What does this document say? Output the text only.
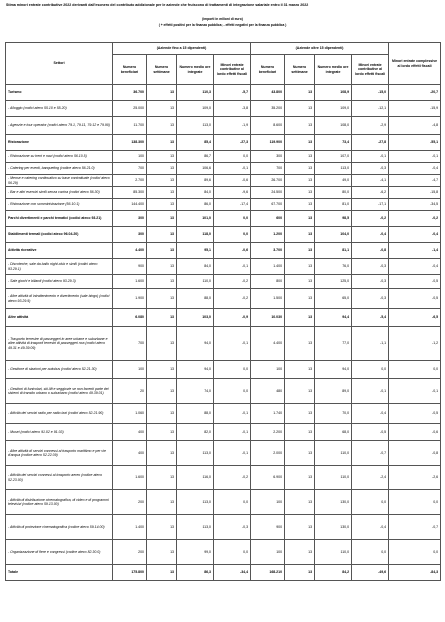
Stima minori entrate contributive 2022 derivanti dall'esonero del contributo addizionale per le aziende che fruiscono di trattamenti di integrazione salariale entro il 31 marzo 2022
(importi in milioni di euro)
( + effetti positivi per la finanza pubblica; - effetti negativi per la finanza pubblica )
Settori	(Aziende fino a 15 dipendenti)				(Aziende oltre 15 dipendenti)				Minori entrate complessive al lordo effetti fiscali
	Numero beneficiari	Numero settimane	Numero medio ore integrate	Minori entrate contributive al lordo effetti fiscali	Numero beneficiari	Numero settimane	Numero medio ore integrate	Minori entrate contributive al lordo effetti fiscali	
Turismo	36.700	13	110,3	-5,7	43.800	13	108,9	-15,0	-20,7
- Alloggio (codici ateco 55.10 e 55.20)	25.000	13	109,0	-3,8	35.200	13	109,0	-12,1	-15,9
- Agenzie e tour operator (codici ateco 79.1, 79.11, 79.12 e 79.90)	11.700	13	113,0	-1,9	8.600	13	108,0	-2,9	-4,8
Ristorazione	138.300	13	85,4	-27,3	119.900	13	73,4	-27,8	-55,1
- Ristorazione su treni e navi (codici ateco 56.10.5)	100	13	86,7	0,0	300	13	107,0	-0,1	-0,1
- Catering per eventi, banqueting (codice ateco 56.21.0)	700	13	106,6	-0,1	700	13	113,0	-0,3	-0,4
- Mense e catering continuativo su base contrattuale (codici ateco 56.29)	2.700	13	89,6	-0,6	26.700	13	49,0	-4,1	-4,7
- Bar e altri esercizi simili senza cucina (codici ateco 56.30)	85.300	13	84,0	-9,6	24.500	13	80,0	-6,2	-15,8
- Ristorazione con somministrazione (56.10.1)	144.400	13	86,0	-17,4	67.700	13	81,0	-17,1	-34,5
Parchi divertimenti e parchi tematici (codici ateco 93.21)	300	13	101,0	0,0	600	13	98,5	-0,2	-0,2
Stabilimenti termali (codici ateco 96.04.20)	300	13	118,0	0,0	1.200	13	104,0	-0,4	-0,4
Attività ricreative	4.400	13	95,1	-0,6	3.700	13	81,1	-0,8	-1,4
- Discoteche, sale da ballo night-club e simili (codici ateco 93.29.1)	900	13	84,0	-0,1	1.400	13	76,0	-0,3	-0,4
- Sale giochi e biliardi (codici ateco 93.29.3)	1.600	13	110,0	-0,2	800	13	125,0	-0,3	-0,5
- Altre attività di intrattenimento e divertimento (sale bingo) (codici ateco 93.29.9)	1.900	13	88,0	-0,2	1.500	13	65,0	-0,3	-0,5
Altre attività	6.080	13	103,0	-0,9	10.030	13	94,4	-5,4	-6,5
- Trasporto terrestre di passeggeri in aree urbane e suburbane e altre attività di trasporti terrestri di passeggeri nca (codici ateco 49.31 e 49.39.09)	700	13	94,0	-0,1	4.400	13	77,0	-1,1	-1,2
- Gestione di stazioni per autobus (codici ateco 52.21.30)	100	13	94,0	0,0	100	13	94,0	0,0	0,0
- Gestioni di funicolari, ski-lift e seggiovie se non facenti parte dei sistemi di transito urbano o suburbano (codici ateco 49.39.01)	20	13	74,0	0,0	480	13	89,0	-0,1	-0,1
- Attività dei servizi radio per radio taxi (codici ateco 52.21.90)	1.060	13	88,0	-0,1	1.740	13	70,0	-0,4	-0,5
- Musei (codici ateco 91.02 e 91.03)	400	13	82,0	-0,1	2.200	13	68,0	-0,5	-0,6
- Altre attività di servizi connessi al trasporto marittimo e per vie d'acqua (codice ateco 52.22.09)	400	13	113,0	-0,1	2.000	13	110,0	-0,7	-0,8
- Attività dei servizi connessi al trasporto aereo (codice ateco 52.23.00)	1.600	13	116,0	-0,2	6.900	13	110,0	-2,4	-2,6
- Attività di distribuzione cinematografica, di video e di programmi televisivi (codice ateco 59.13.00)	200	13	113,0	0,0	100	13	130,0	0,0	0,0
- Attività di proiezione cinematografica (codice ateco 59.14.00)	1.400	13	113,0	-0,3	900	13	130,0	-0,4	-0,7
- Organizzazione di fiere e congressi (codice ateco 82.30.0)	200	13	99,0	0,0	100	13	110,0	0,0	0,0
Totale	175.800	13	86,3	-34,4	168.210	13	84,2	-49,6	-84,3
